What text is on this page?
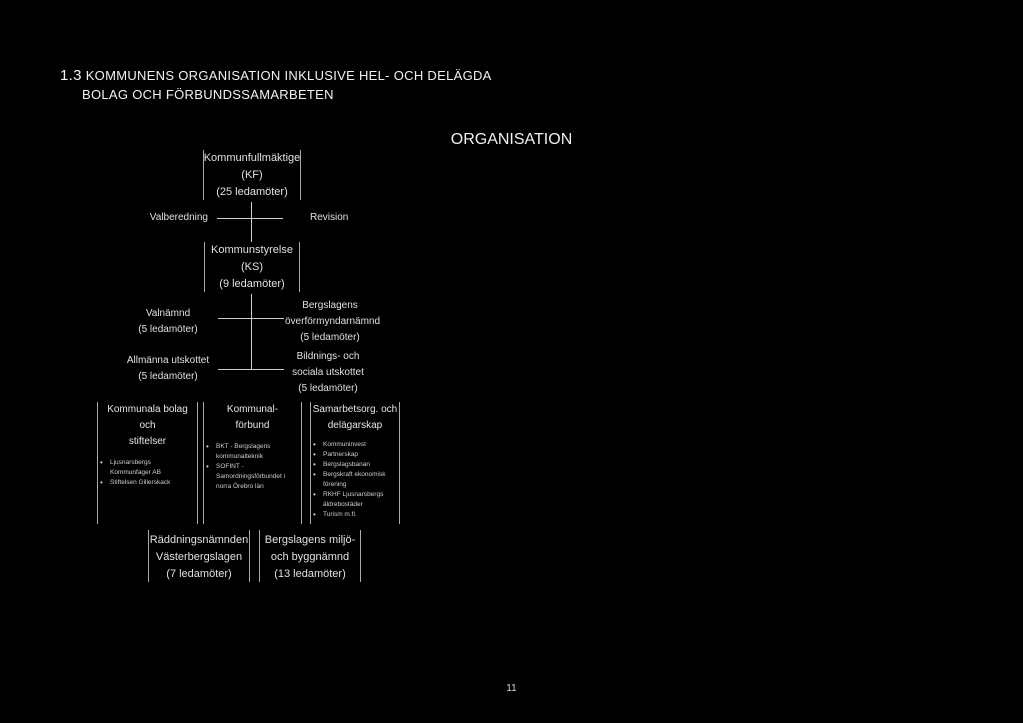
1.3 KOMMUNENS ORGANISATION INKLUSIVE HEL- OCH DELÄGDA
BOLAG OCH FÖRBUNDSSAMARBETEN
ORGANISATION
Kommunfullmäktige
(KF)
(25 ledamöter)
Valberedning	Revision
Kommunstyrelse
(KS)
(9 ledamöter)
Valnämnd
(5 ledamöter)
Bergslagens
överförmyndarnämnd
(5 ledamöter)
Allmänna utskottet
(5 ledamöter)
Bildnings- och
sociala utskottet
(5 ledamöter)
Kommunala bolag och
stiftelser
• Ljusnarsbergs
Kommunfager AB
• Stiftelsen Gillerskack
Kommunal-
förbund
• BKT - Bergslagens
kommunalteknik
• SOFINT -
Samordningsförbundet i
norra Örebro län
Samarbetsorg. och
delägarskap
• Kommuninvest
• Partnerskap
• Bergslagsbanan
• Bergskraft ekonomisk
förening
• RKHF Ljusnarsbergs
äldrebostäder
• Turism m.fl.
Räddningsnämnden
Västerbergslagen
(7 ledamöter)
Bergslagens miljö-
och byggnämnd
(13 ledamöter)
11
